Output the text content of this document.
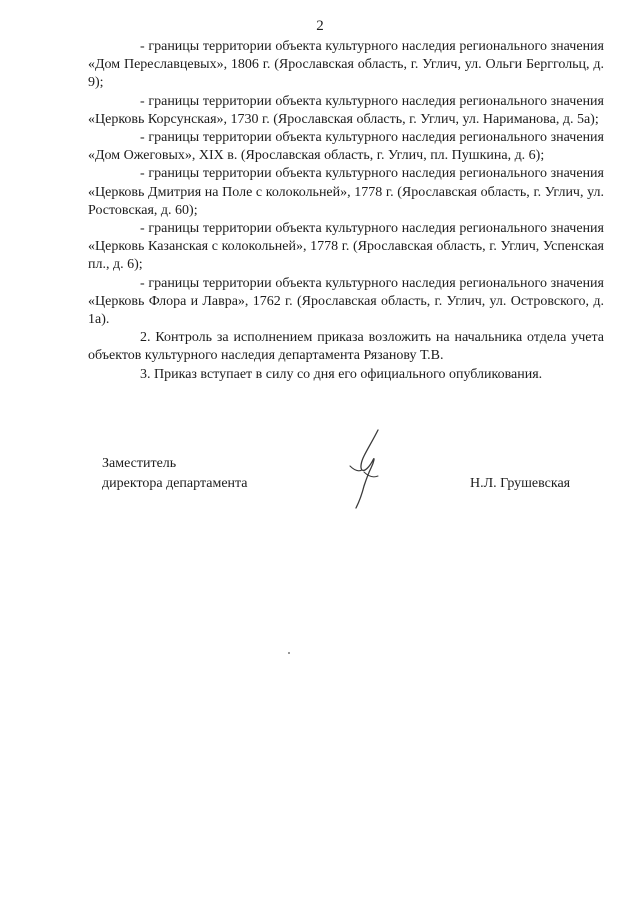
2

- границы территории объекта культурного наследия регионального значения «Дом Переславцевых», 1806 г. (Ярославская область, г. Углич, ул. Ольги Берггольц, д. 9);

- границы территории объекта культурного наследия регионального значения «Церковь Корсунская», 1730 г. (Ярославская область, г. Углич, ул. Нариманова, д. 5а);

- границы территории объекта культурного наследия регионального значения «Дом Ожеговых», XIX в. (Ярославская область, г. Углич, пл. Пушкина, д. 6);

- границы территории объекта культурного наследия регионального значения «Церковь Дмитрия на Поле с колокольней», 1778 г. (Ярославская область, г. Углич, ул. Ростовская, д. 60);

- границы территории объекта культурного наследия регионального значения «Церковь Казанская с колокольней», 1778 г. (Ярославская область, г. Углич, Успенская пл., д. 6);

- границы территории объекта культурного наследия регионального значения «Церковь Флора и Лавра», 1762 г. (Ярославская область, г. Углич, ул. Островского, д. 1а).

2. Контроль за исполнением приказа возложить на начальника отдела учета объектов культурного наследия департамента Рязанову Т.В.

3. Приказ вступает в силу со дня его официального опубликования.

Заместитель
директора департамента	Н.Л. Грушевская
